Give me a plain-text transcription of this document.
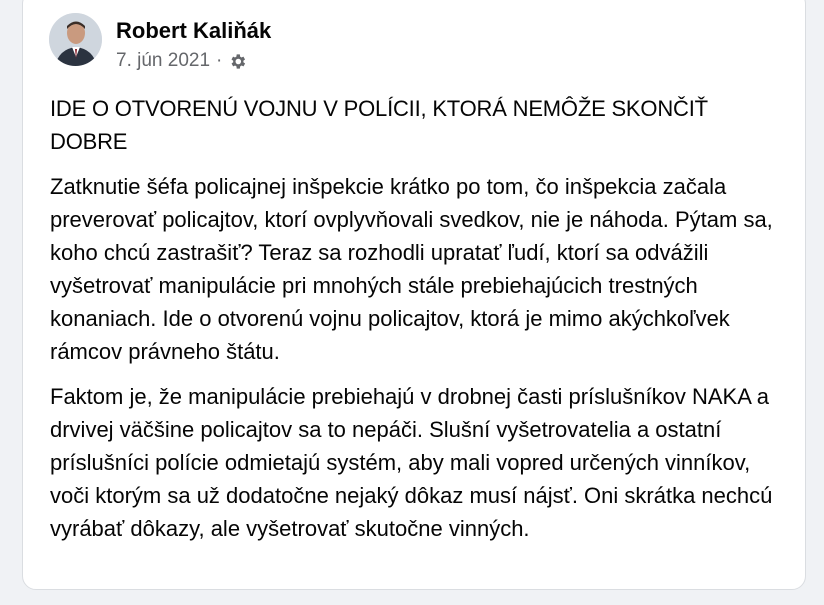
Robert Kaliňák
7. jún 2021 ·

IDE O OTVORENÚ VOJNU V POLÍCII, KTORÁ NEMÔŽE SKONČIŤ DOBRE

Zatknutie šéfa policajnej inšpekcie krátko po tom, čo inšpekcia začala preverovať policajtov, ktorí ovplyvňovali svedkov, nie je náhoda. Pýtam sa, koho chcú zastrašiť? Teraz sa rozhodli upratať ľudí, ktorí sa odvážili vyšetrovať manipulácie pri mnohých stále prebiehajúcich trestných konaniach. Ide o otvorenú vojnu policajtov, ktorá je mimo akýchkoľvek rámcov právneho štátu.

Faktom je, že manipulácie prebiehajú v drobnej časti príslušníkov NAKA a drvivej väčšine policajtov sa to nepáči. Slušní vyšetrovatelia a ostatní príslušníci polície odmietajú systém, aby mali vopred určených vinníkov, voči ktorým sa už dodatočne nejaký dôkaz musí nájsť. Oni skrátka nechcú vyrábať dôkazy, ale vyšetrovať skutočne vinných.
